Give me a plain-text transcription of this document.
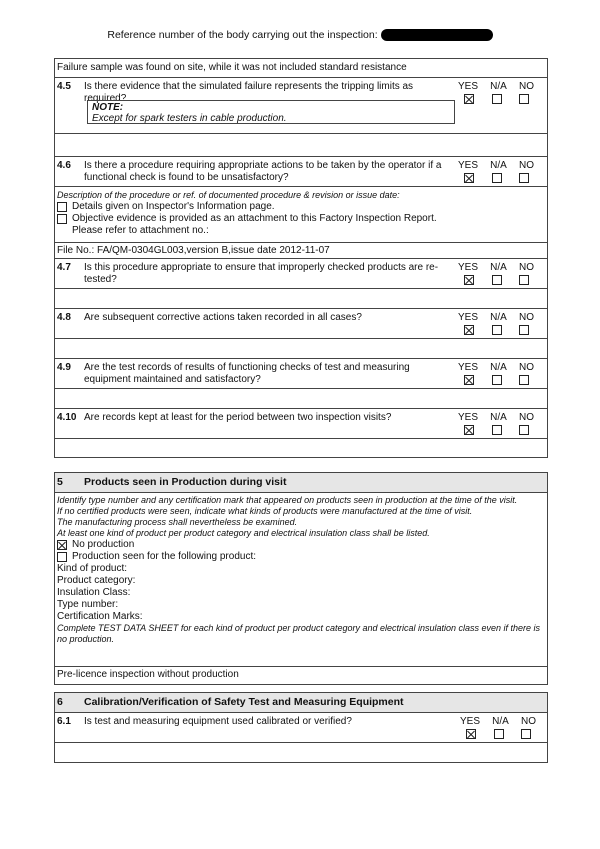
Reference number of the body carrying out the inspection:
Failure sample was found on site, while it was not included standard resistance
4.5 Is there evidence that the simulated failure represents the tripping limits as required?
NOTE:
Except for spark testers in cable production.
YES N/A NO
4.6 Is there a procedure requiring appropriate actions to be taken by the operator if a functional check is found to be unsatisfactory?
YES N/A NO
Description of the procedure or ref. of documented procedure & revision or issue date:
Details given on Inspector's Information page.
Objective evidence is provided as an attachment to this Factory Inspection Report.
Please refer to attachment no.:
File No.: FA/QM-0304GL003,version B,issue date 2012-11-07
4.7 Is this procedure appropriate to ensure that improperly checked products are re-tested?
YES N/A NO
4.8 Are subsequent corrective actions taken recorded in all cases?	YES N/A NO
4.9 Are the test records of results of functioning checks of test and measuring equipment maintained and satisfactory?
YES N/A NO
4.10 Are records kept at least for the period between two inspection visits?	YES N/A NO
5 Products seen in Production during visit
Identify type number and any certification mark that appeared on products seen in production at the time of the visit.
If no certified products were seen, indicate what kinds of products were manufactured at the time of visit.
The manufacturing process shall nevertheless be examined.
At least one kind of product per product category and electrical insulation class shall be listed.
No production
Production seen for the following product:
Kind of product:
Product category:
Insulation Class:
Type number:
Certification Marks:
Complete TEST DATA SHEET for each kind of product per product category and electrical insulation class even if there is no production.
Pre-licence inspection without production
6 Calibration/Verification of Safety Test and Measuring Equipment
6.1 Is test and measuring equipment used calibrated or verified?	YES N/A NO
